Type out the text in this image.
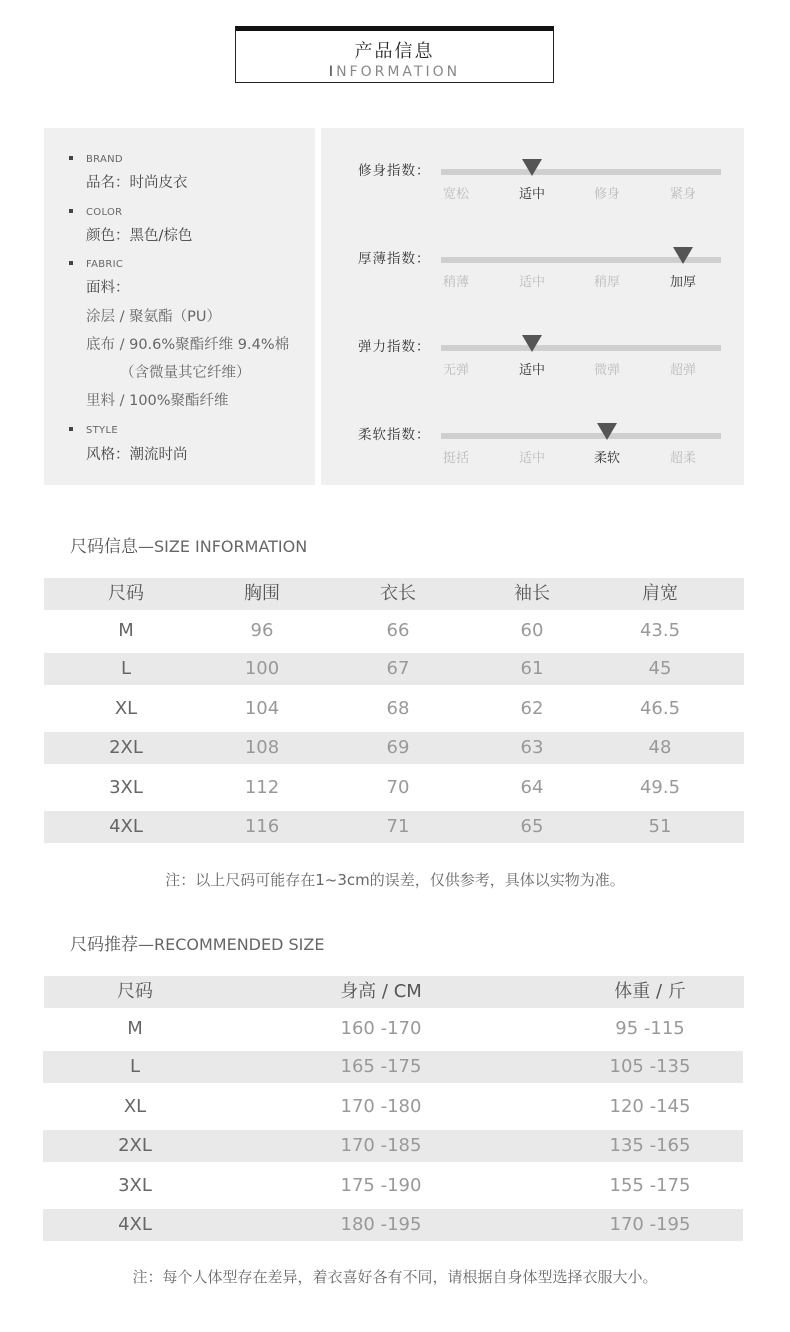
产品信息
INFORMATION
BRAND
品名：时尚皮衣
COLOR
颜色：黑色/棕色
FABRIC
面料：
涂层 / 聚氨酯（PU）
底布 / 90.6%聚酯纤维 9.4%棉
（含微量其它纤维）
里料 / 100%聚酯纤维
STYLE
风格：潮流时尚
修身指数：
宽松	适中	修身	紧身
厚薄指数：
稍薄	适中	稍厚	加厚
弹力指数：
无弹	适中	微弹	超弹
柔软指数：
挺括	适中	柔软	超柔
尺码信息—SIZE INFORMATION
尺码	胸围	衣长	袖长	肩宽
M	96	66	60	43.5
L	100	67	61	45
XL	104	68	62	46.5
2XL	108	69	63	48
3XL	112	70	64	49.5
4XL	116	71	65	51
注：以上尺码可能存在1~3cm的误差，仅供参考，具体以实物为准。
尺码推荐—RECOMMENDED SIZE
尺码	身高 / CM	体重 / 斤
M	160 -170	95 -115
L	165 -175	105 -135
XL	170 -180	120 -145
2XL	170 -185	135 -165
3XL	175 -190	155 -175
4XL	180 -195	170 -195
注：每个人体型存在差异，着衣喜好各有不同，请根据自身体型选择衣服大小。
